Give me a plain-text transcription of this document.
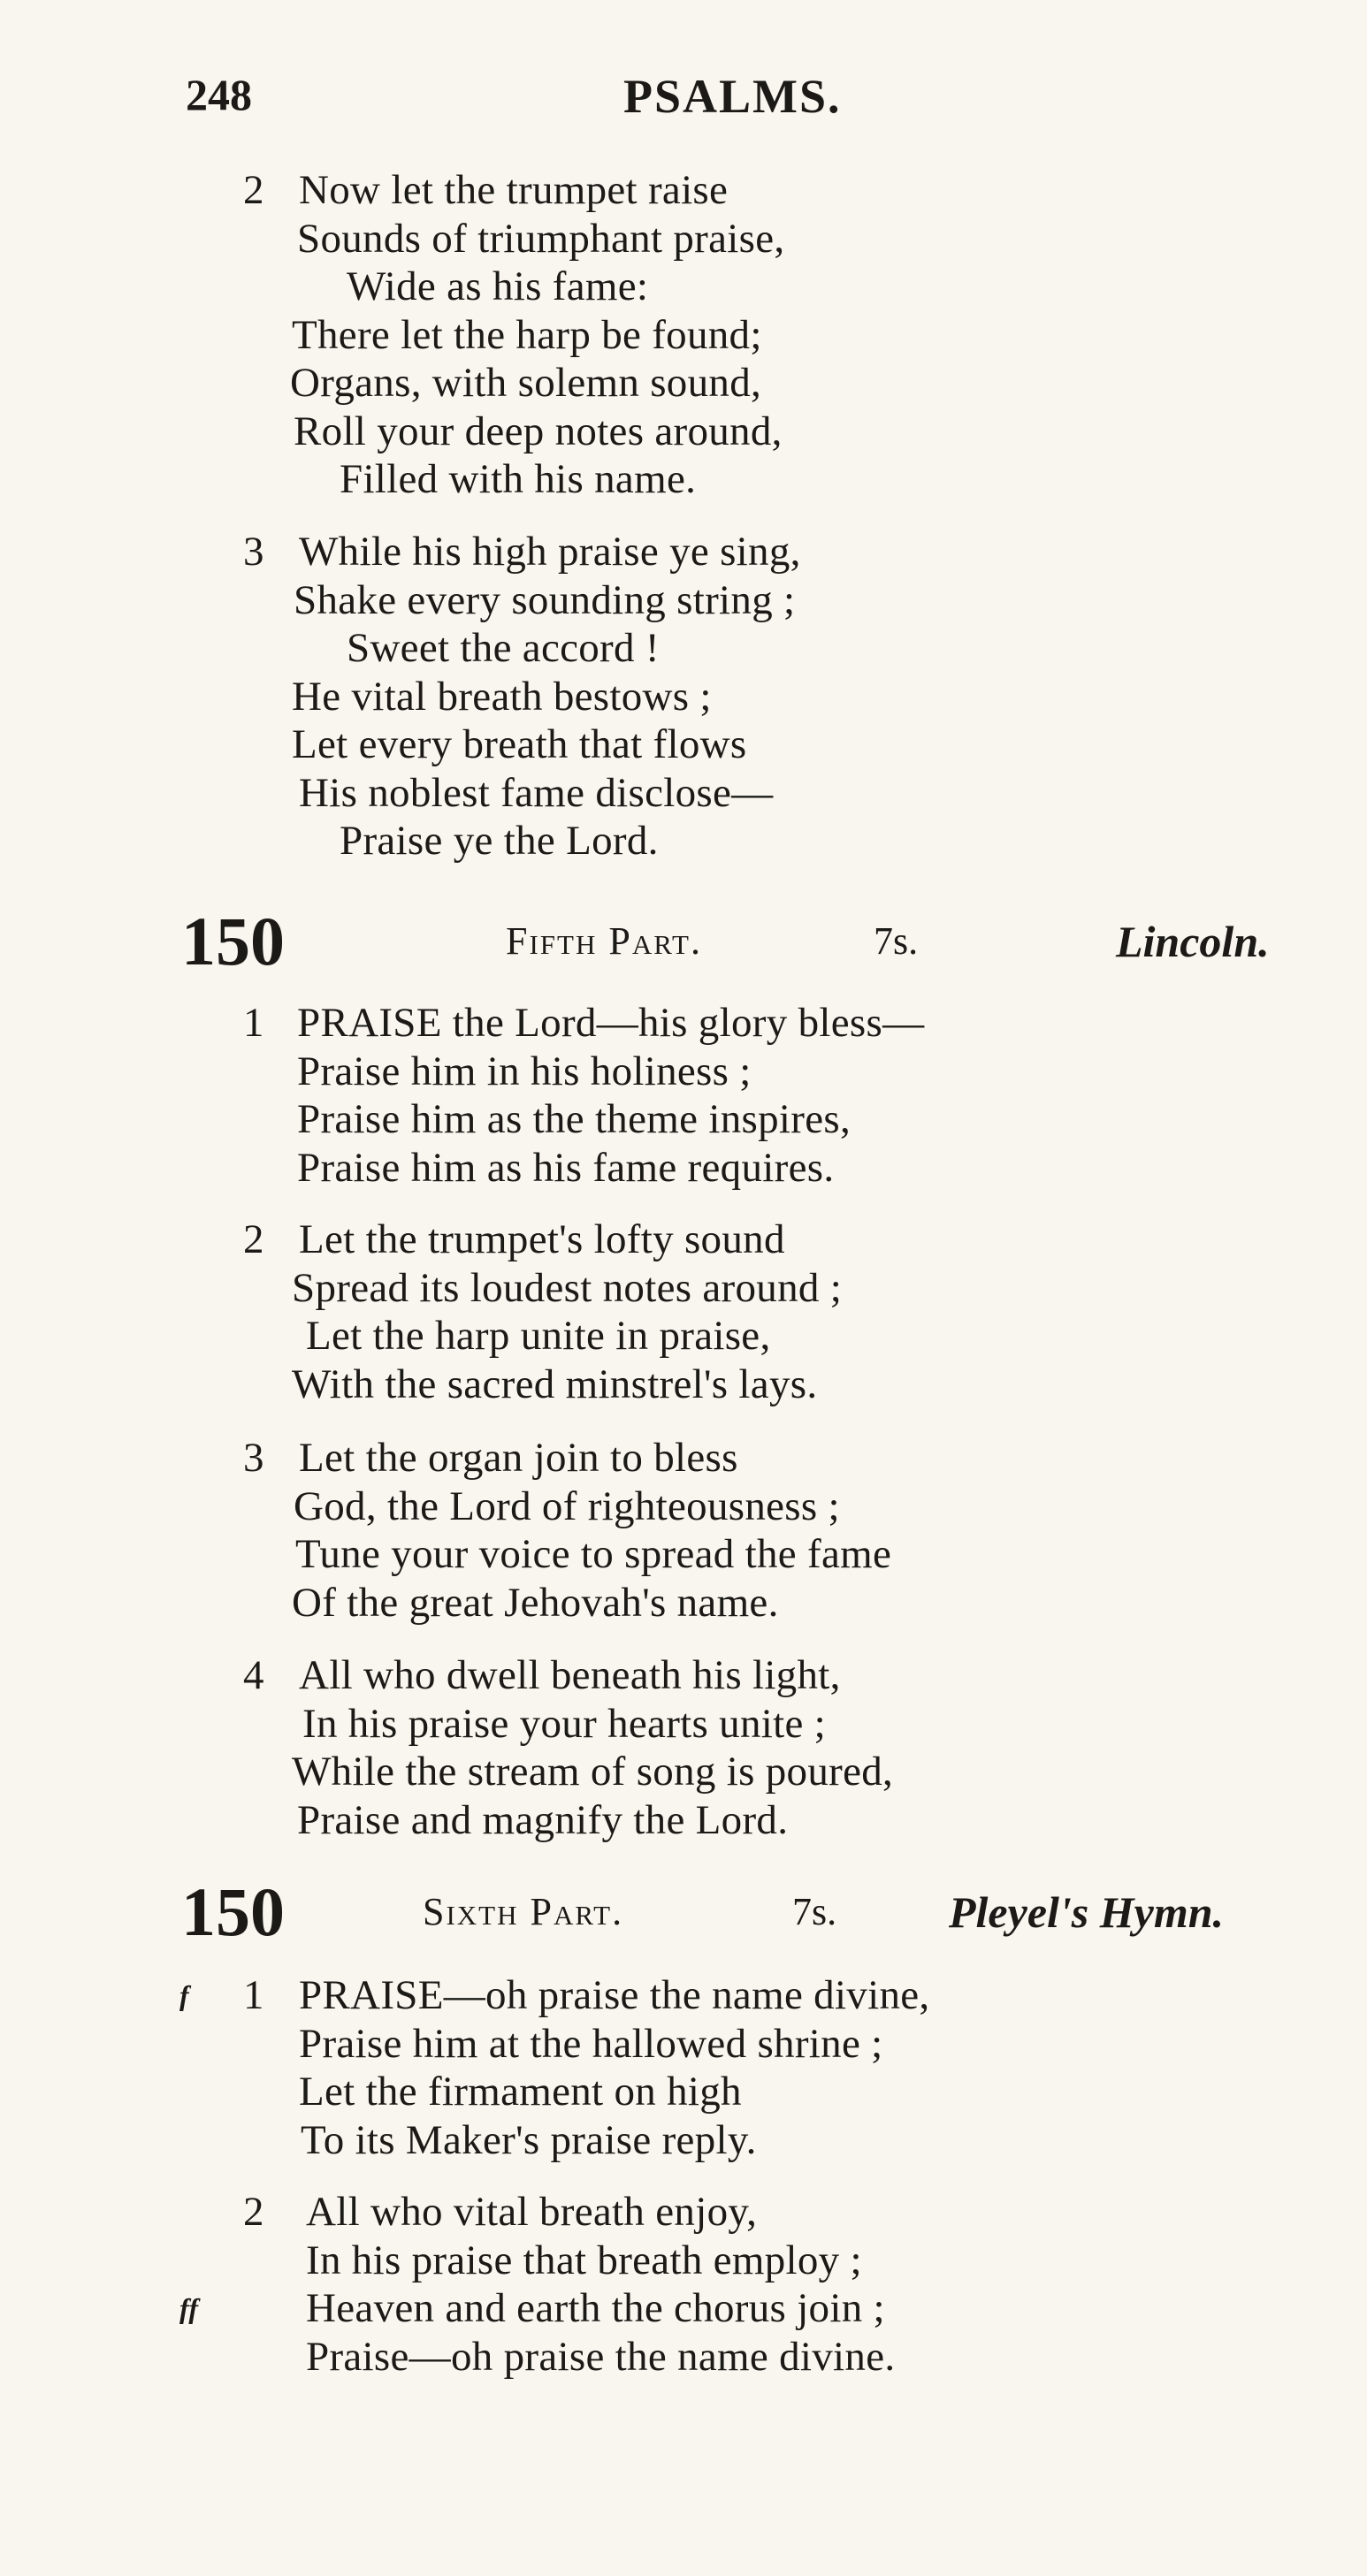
248	PSALMS.
2 Now let the trumpet raise
Sounds of triumphant praise,
Wide as his fame:
There let the harp be found;
Organs, with solemn sound,
Roll your deep notes around,
Filled with his name.
3 While his high praise ye sing,
Shake every sounding string ;
Sweet the accord !
He vital breath bestows ;
Let every breath that flows
His noblest fame disclose—
Praise ye the Lord.
150	Fifth Part.	7s.	Lincoln.
1 PRAISE the Lord—his glory bless—
Praise him in his holiness ;
Praise him as the theme inspires,
Praise him as his fame requires.
2 Let the trumpet's lofty sound
Spread its loudest notes around ;
Let the harp unite in praise,
With the sacred minstrel's lays.
3 Let the organ join to bless
God, the Lord of righteousness ;
Tune your voice to spread the fame
Of the great Jehovah's name.
4 All who dwell beneath his light,
In his praise your hearts unite ;
While the stream of song is poured,
Praise and magnify the Lord.
150	Sixth Part.	7s.	Pleyel's Hymn.
f 1 PRAISE—oh praise the name divine,
Praise him at the hallowed shrine ;
Let the firmament on high
To its Maker's praise reply.
2 All who vital breath enjoy,
In his praise that breath employ ;
ff	Heaven and earth the chorus join ;
Praise—oh praise the name divine.
